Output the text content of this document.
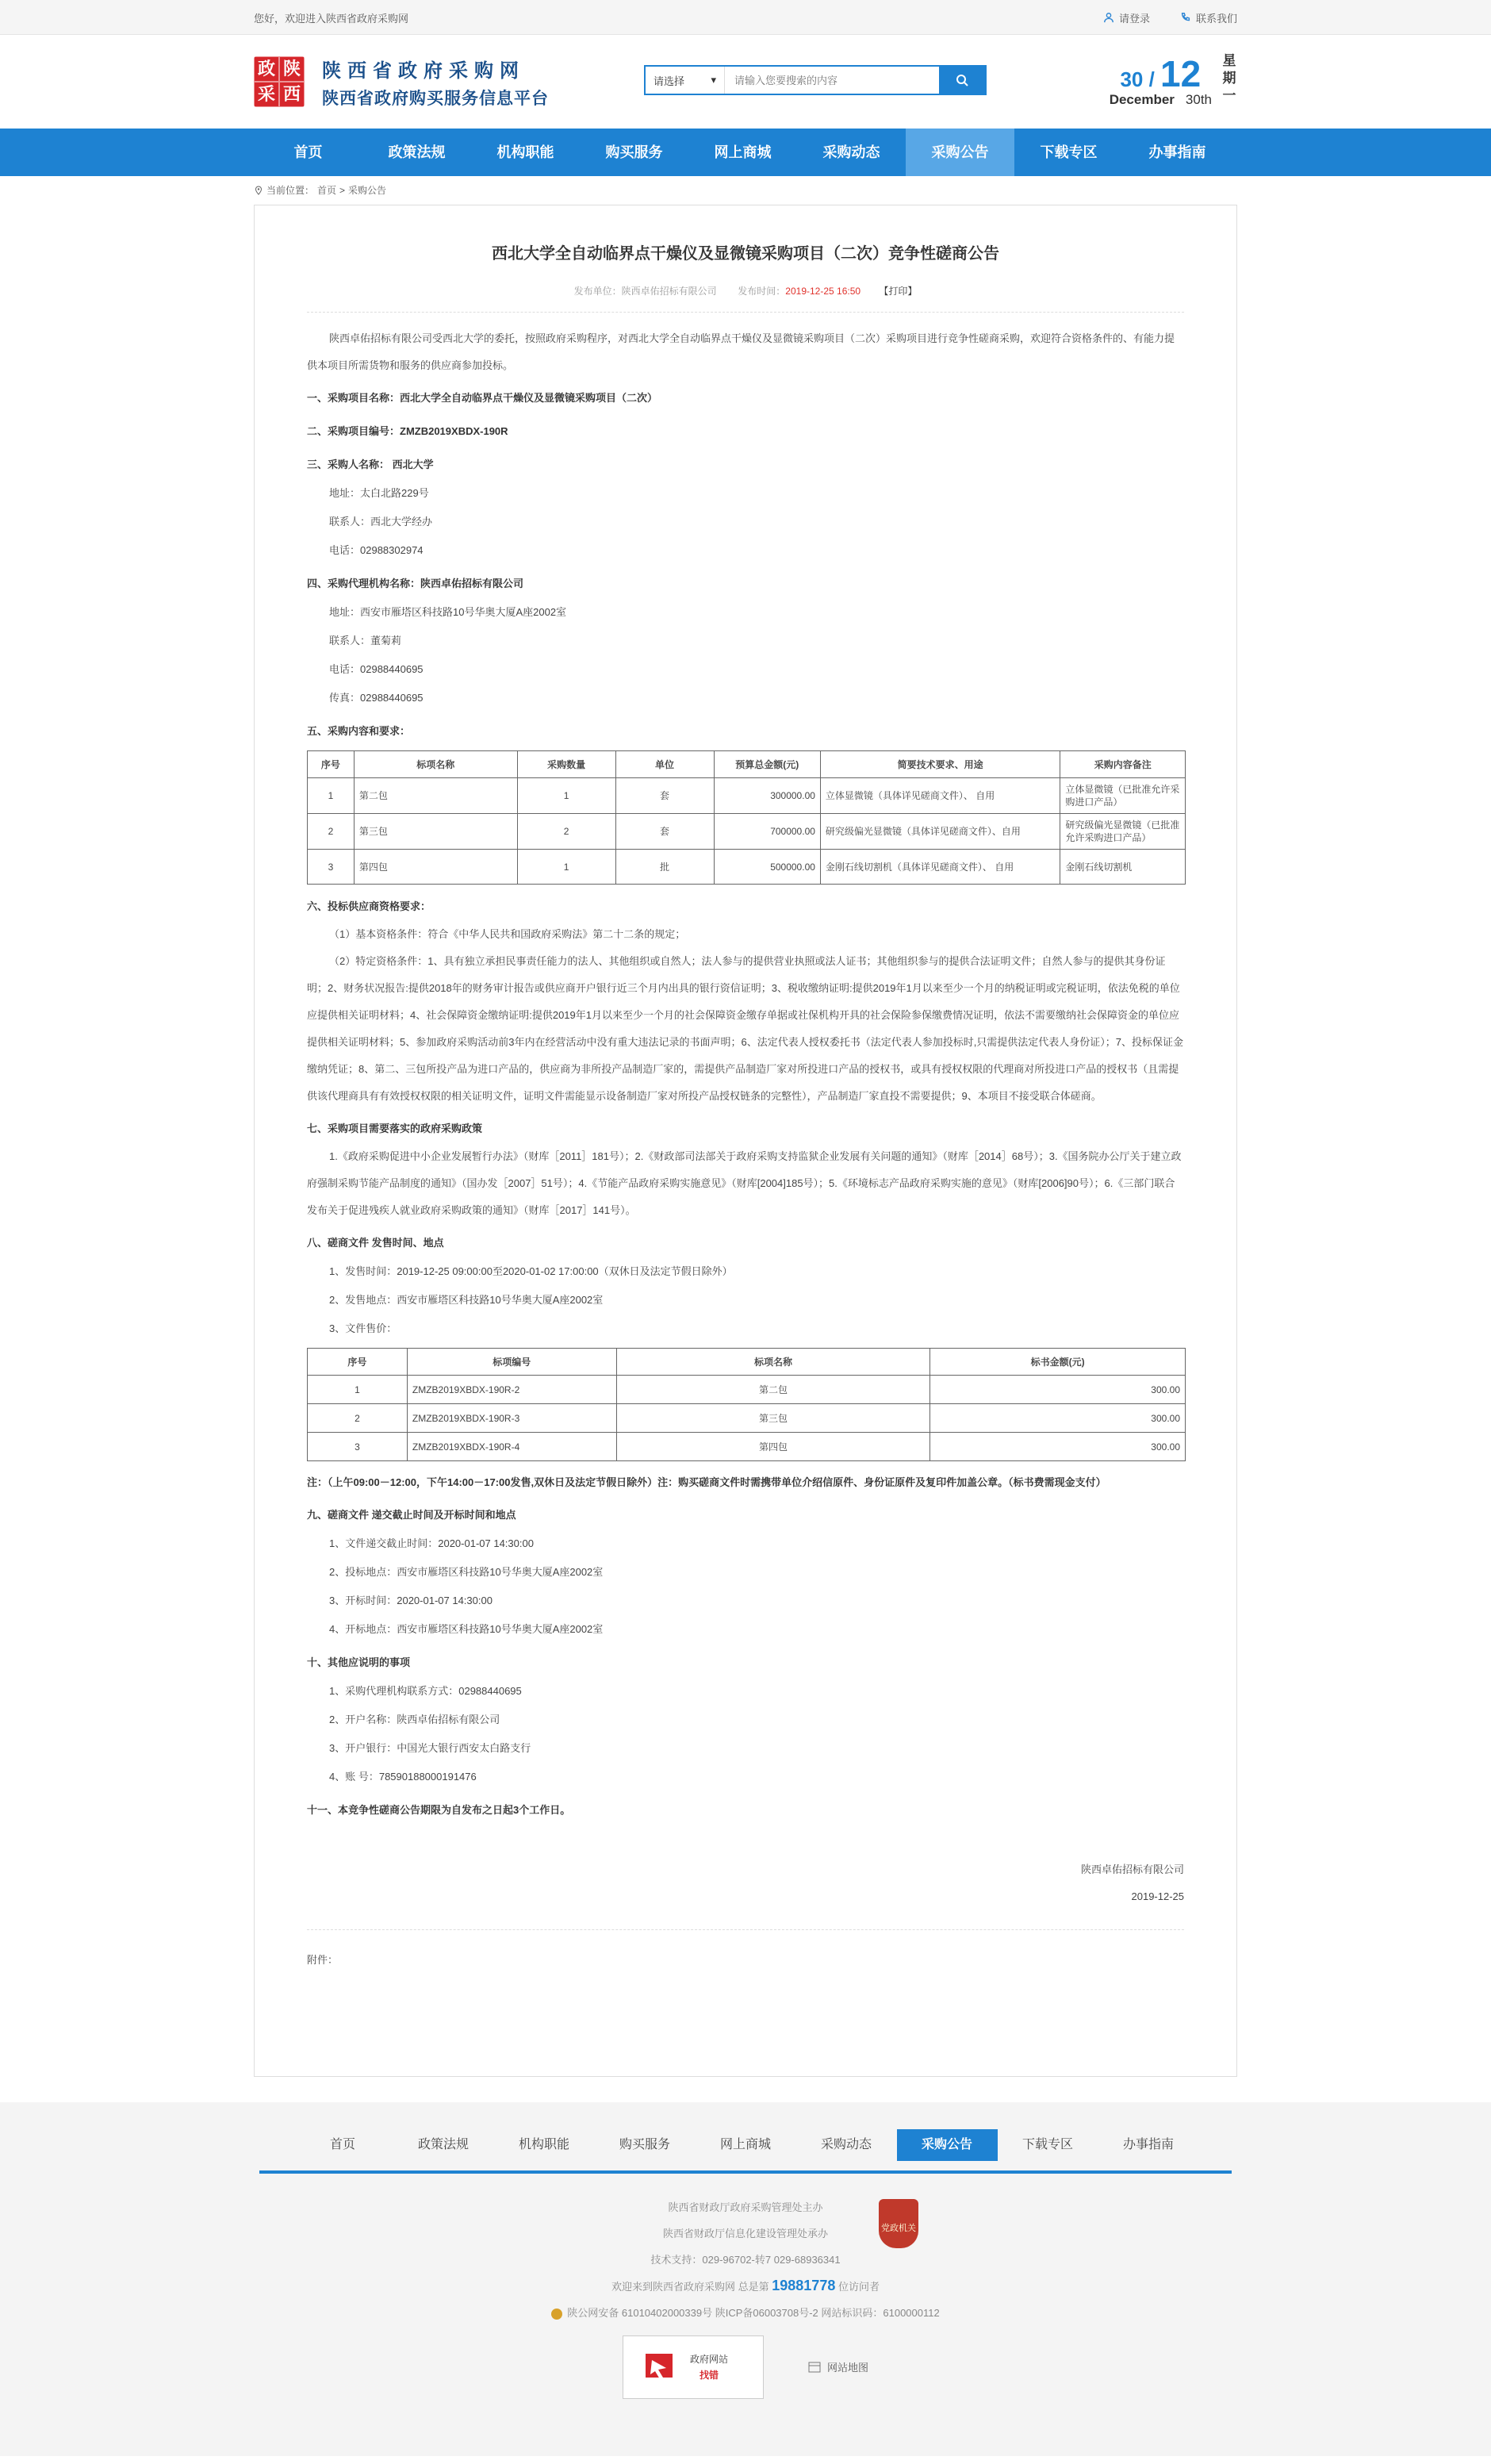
您好，欢迎进入陕西省政府采购网	请登录	联系我们
政 陕
采 西
陕西省政府采购网
陕西省政府购买服务信息平台
请选择	▾
请输入您要搜索的内容	30 / 12
December 30th
星
期
一
首页	政策法规	机构职能	购买服务	网上商城	采购动态	采购公告	下载专区	办事指南
当前位置： 首页 > 采购公告
西北大学全自动临界点干燥仪及显微镜采购项目（二次）竞争性磋商公告
发布单位：陕西卓佑招标有限公司 发布时间：2019-12-25 16:50 【打印】

陕西卓佑招标有限公司受西北大学的委托，按照政府采购程序，对西北大学全自动临界点干燥仪及显微镜采购项目（二次）采购项目进行竞争性磋商采购，欢迎符合资格条件的、有能力提供本项目所需货物和服务的供应商参加投标。

一、采购项目名称：西北大学全自动临界点干燥仪及显微镜采购项目（二次）

二、采购项目编号：ZMZB2019XBDX-190R

三、采购人名称： 西北大学

地址：太白北路229号

联系人：西北大学经办

电话：02988302974

四、采购代理机构名称：陕西卓佑招标有限公司

地址：西安市雁塔区科技路10号华奥大厦A座2002室

联系人：董菊莉

电话：02988440695

传真：02988440695

五、采购内容和要求：

序号	标项名称	采购数量	单位	预算总金额(元)	简要技术要求、用途	采购内容备注
1	第二包	1	套	300000.00	立体显微镜（具体详见磋商文件）、 自用	立体显微镜（已批准允许采购进口产品）
2	第三包	2	套	700000.00	研究级偏光显微镜（具体详见磋商文件）、自用	研究级偏光显微镜（已批准允许采购进口产品）
3	第四包	1	批	500000.00	金刚石线切割机（具体详见磋商文件）、 自用	金刚石线切割机

六、投标供应商资格要求：

（1）基本资格条件：符合《中华人民共和国政府采购法》第二十二条的规定；

（2）特定资格条件：1、具有独立承担民事责任能力的法人、其他组织或自然人；法人参与的提供营业执照或法人证书；其他组织参与的提供合法证明文件；自然人参与的提供其身份证明；2、财务状况报告:提供2018年的财务审计报告或供应商开户银行近三个月内出具的银行资信证明；3、税收缴纳证明:提供2019年1月以来至少一个月的纳税证明或完税证明，依法免税的单位应提供相关证明材料；4、社会保障资金缴纳证明:提供2019年1月以来至少一个月的社会保障资金缴存单据或社保机构开具的社会保险参保缴费情况证明，依法不需要缴纳社会保障资金的单位应提供相关证明材料；5、参加政府采购活动前3年内在经营活动中没有重大违法记录的书面声明；6、法定代表人授权委托书（法定代表人参加投标时,只需提供法定代表人身份证）；7、投标保证金缴纳凭证；8、第二、三包所投产品为进口产品的，供应商为非所投产品制造厂家的，需提供产品制造厂家对所投进口产品的授权书，或具有授权权限的代理商对所投进口产品的授权书（且需提供该代理商具有有效授权权限的相关证明文件，证明文件需能显示设备制造厂家对所投产品授权链条的完整性），产品制造厂家直投不需要提供；9、本项目不接受联合体磋商。

七、采购项目需要落实的政府采购政策

1.《政府采购促进中小企业发展暂行办法》（财库［2011］181号）；2.《财政部司法部关于政府采购支持监狱企业发展有关问题的通知》（财库［2014］68号）；3.《国务院办公厅关于建立政府强制采购节能产品制度的通知》（国办发［2007］51号）；4.《节能产品政府采购实施意见》（财库[2004]185号）；5.《环境标志产品政府采购实施的意见》（财库[2006]90号）；6.《三部门联合发布关于促进残疾人就业政府采购政策的通知》（财库［2017］141号）。

八、磋商文件 发售时间、地点

1、发售时间：2019-12-25 09:00:00至2020-01-02 17:00:00（双休日及法定节假日除外）

2、发售地点：西安市雁塔区科技路10号华奥大厦A座2002室

3、文件售价：

序号	标项编号	标项名称	标书金额(元)
1	ZMZB2019XBDX-190R-2	第二包	300.00
2	ZMZB2019XBDX-190R-3	第三包	300.00
3	ZMZB2019XBDX-190R-4	第四包	300.00

注：（上午09:00－12:00，下午14:00－17:00发售,双休日及法定节假日除外）注：购买磋商文件时需携带单位介绍信原件、身份证原件及复印件加盖公章。（标书费需现金支付）

九、磋商文件 递交截止时间及开标时间和地点

1、文件递交截止时间：2020-01-07 14:30:00

2、投标地点：西安市雁塔区科技路10号华奥大厦A座2002室

3、开标时间：2020-01-07 14:30:00

4、开标地点：西安市雁塔区科技路10号华奥大厦A座2002室

十、其他应说明的事项

1、采购代理机构联系方式：02988440695

2、开户名称：陕西卓佑招标有限公司

3、开户银行：中国光大银行西安太白路支行

4、账 号：78590188000191476

十一、本竞争性磋商公告期限为自发布之日起3个工作日。

陕西卓佑招标有限公司

2019-12-25

附件：
首页	政策法规	机构职能	购买服务	网上商城	采购动态	采购公告	下载专区	办事指南
党政机关

陕西省财政厅政府采购管理处主办

陕西省财政厅信息化建设管理处承办

技术支持：029-96702-转7 029-68936341

欢迎来到陕西省政府采购网 总是第 19881778 位访问者

陕公网安备 61010402000339号 陕ICP备06003708号-2 网站标识码：6100000112

政府网站
找错
网站地图
